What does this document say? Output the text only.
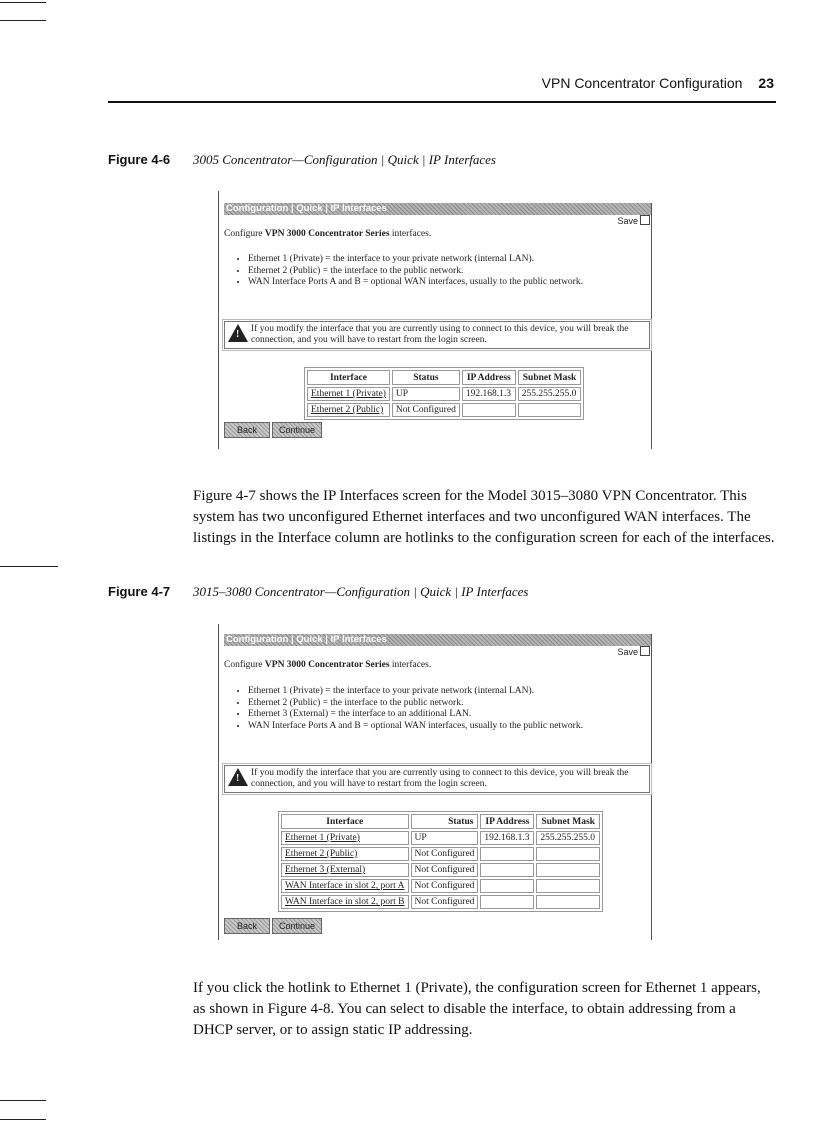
VPN Concentrator Configuration 23
Figure 4-6 3005 Concentrator—Configuration | Quick | IP Interfaces
Configuration | Quick | IP Interfaces
Save
Configure VPN 3000 Concentrator Series interfaces.
• Ethernet 1 (Private) = the interface to your private network (internal LAN).
• Ethernet 2 (Public) = the interface to the public network.
• WAN Interface Ports A and B = optional WAN interfaces, usually to the public network.
! If you modify the interface that you are currently using to connect to this device, you will break the
connection, and you will have to restart from the login screen.
Interface	Status	IP Address	Subnet Mask
Ethernet 1 (Private)	UP	192.168.1.3	255.255.255.0
Ethernet 2 (Public)	Not Configured		
Back	Continue
Figure 4-7 shows the IP Interfaces screen for the Model 3015–3080 VPN Concentrator. This system has two unconfigured Ethernet interfaces and two unconfigured WAN interfaces. The listings in the Interface column are hotlinks to the configuration screen for each of the interfaces.
Figure 4-7 3015–3080 Concentrator—Configuration | Quick | IP Interfaces
Configuration | Quick | IP Interfaces
Save
Configure VPN 3000 Concentrator Series interfaces.
• Ethernet 1 (Private) = the interface to your private network (internal LAN).
• Ethernet 2 (Public) = the interface to the public network.
• Ethernet 3 (External) = the interface to an additional LAN.
• WAN Interface Ports A and B = optional WAN interfaces, usually to the public network.
! If you modify the interface that you are currently using to connect to this device, you will break the
connection, and you will have to restart from the login screen.
Interface	Status	IP Address	Subnet Mask
Ethernet 1 (Private)	UP	192.168.1.3	255.255.255.0
Ethernet 2 (Public)	Not Configured		
Ethernet 3 (External)	Not Configured		
WAN Interface in slot 2, port A	Not Configured		
WAN Interface in slot 2, port B	Not Configured		
Back	Continue
If you click the hotlink to Ethernet 1 (Private), the configuration screen for Ethernet 1 appears, as shown in Figure 4-8. You can select to disable the interface, to obtain addressing from a DHCP server, or to assign static IP addressing.
